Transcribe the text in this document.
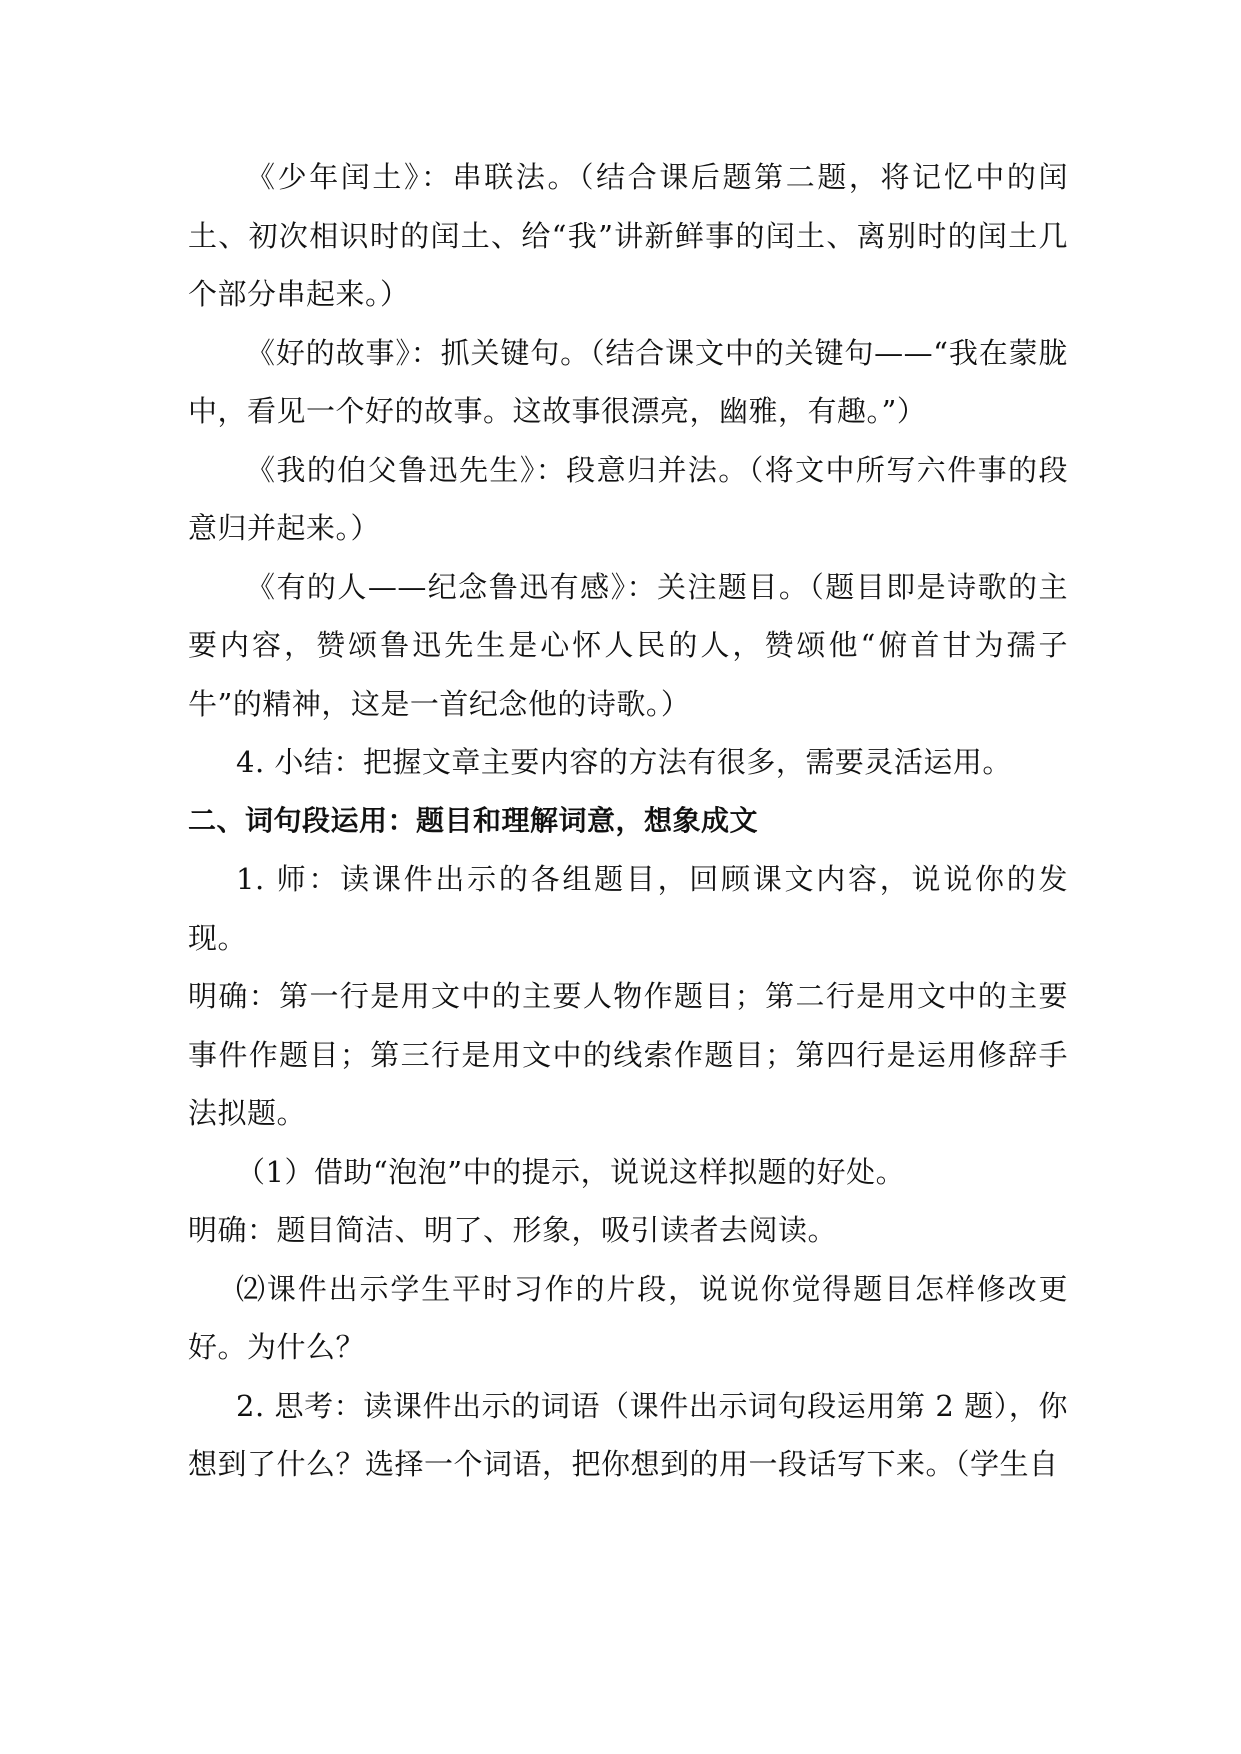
《少年闰土》：串联法。（结合课后题第二题，将记忆中的闰土、初次相识时的闰土、给“我”讲新鲜事的闰土、离别时的闰土几个部分串起来。）

《好的故事》：抓关键句。（结合课文中的关键句——“我在蒙胧中，看见一个好的故事。这故事很漂亮，幽雅，有趣。”）

《我的伯父鲁迅先生》：段意归并法。（将文中所写六件事的段意归并起来。）

《有的人——纪念鲁迅有感》：关注题目。（题目即是诗歌的主要内容，赞颂鲁迅先生是心怀人民的人，赞颂他“俯首甘为孺子牛”的精神，这是一首纪念他的诗歌。）

4. 小结：把握文章主要内容的方法有很多，需要灵活运用。

二、词句段运用：题目和理解词意，想象成文

1. 师：读课件出示的各组题目，回顾课文内容，说说你的发现。

明确：第一行是用文中的主要人物作题目；第二行是用文中的主要事件作题目；第三行是用文中的线索作题目；第四行是运用修辞手法拟题。

（1）借助“泡泡”中的提示，说说这样拟题的好处。

明确：题目简洁、明了、形象，吸引读者去阅读。

⑵课件出示学生平时习作的片段，说说你觉得题目怎样修改更好。为什么？

2. 思考：读课件出示的词语（课件出示词句段运用第 2 题），你想到了什么？选择一个词语，把你想到的用一段话写下来。（学生自
